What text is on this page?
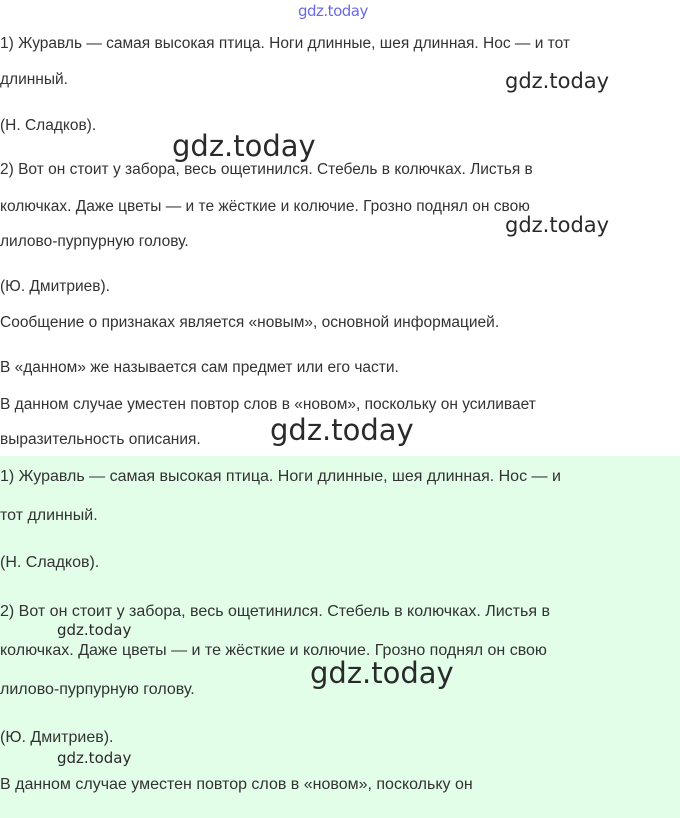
gdz.today

1) Журавль — самая высокая птица. Ноги длинные, шея длинная. Нос — и тот

длинный.

(Н. Сладков).

2) Вот он стоит у забора, весь ощетинился. Стебель в колючках. Листья в

колючках. Даже цветы — и те жёсткие и колючие. Грозно поднял он свою

лилово-пурпурную голову.

(Ю. Дмитриев).

Сообщение о признаках является «новым», основной информацией.

В «данном» же называется сам предмет или его части.

В данном случае уместен повтор слов в «новом», поскольку он усиливает

выразительность описания.

1) Журавль — самая высокая птица. Ноги длинные, шея длинная. Нос — и

тот длинный.

(Н. Сладков).

2) Вот он стоит у забора, весь ощетинился. Стебель в колючках. Листья в

колючках. Даже цветы — и те жёсткие и колючие. Грозно поднял он свою

лилово-пурпурную голову.

(Ю. Дмитриев).

В данном случае уместен повтор слов в «новом», поскольку он

gdz.today
gdz.today
gdz.today
gdz.today
gdz.today
gdz.today
gdz.today
